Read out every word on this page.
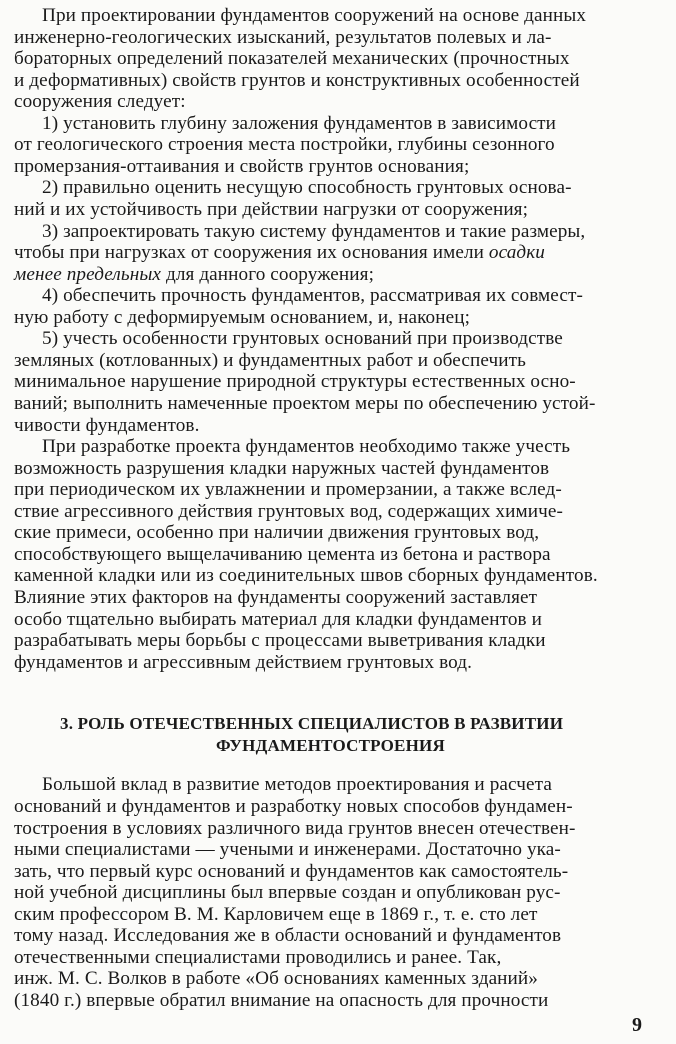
При проектировании фундаментов сооружений на основе данных
инженерно-геологических изысканий, результатов полевых и ла-
бораторных определений показателей механических (прочностных
и деформативных) свойств грунтов и конструктивных особенностей
сооружения следует:
1) установить глубину заложения фундаментов в зависимости
от геологического строения места постройки, глубины сезонного
промерзания-оттаивания и свойств грунтов основания;
2) правильно оценить несущую способность грунтовых основа-
ний и их устойчивость при действии нагрузки от сооружения;
3) запроектировать такую систему фундаментов и такие размеры,
чтобы при нагрузках от сооружения их основания имели осадки
менее предельных для данного сооружения;
4) обеспечить прочность фундаментов, рассматривая их совмест-
ную работу с деформируемым основанием, и, наконец;
5) учесть особенности грунтовых оснований при производстве
земляных (котлованных) и фундаментных работ и обеспечить
минимальное нарушение природной структуры естественных осно-
ваний; выполнить намеченные проектом меры по обеспечению устой-
чивости фундаментов.
При разработке проекта фундаментов необходимо также учесть
возможность разрушения кладки наружных частей фундаментов
при периодическом их увлажнении и промерзании, а также вслед-
ствие агрессивного действия грунтовых вод, содержащих химиче-
ские примеси, особенно при наличии движения грунтовых вод,
способствующего выщелачиванию цемента из бетона и раствора
каменной кладки или из соединительных швов сборных фундаментов.
Влияние этих факторов на фундаменты сооружений заставляет
особо тщательно выбирать материал для кладки фундаментов и
разрабатывать меры борьбы с процессами выветривания кладки
фундаментов и агрессивным действием грунтовых вод.
3. РОЛЬ ОТЕЧЕСТВЕННЫХ СПЕЦИАЛИСТОВ В РАЗВИТИИ
ФУНДАМЕНТОСТРОЕНИЯ
Большой вклад в развитие методов проектирования и расчета
оснований и фундаментов и разработку новых способов фундамен-
тостроения в условиях различного вида грунтов внесен отечествен-
ными специалистами — учеными и инженерами. Достаточно ука-
зать, что первый курс оснований и фундаментов как самостоятель-
ной учебной дисциплины был впервые создан и опубликован рус-
ским профессором В. М. Карловичем еще в 1869 г., т. е. сто лет
тому назад. Исследования же в области оснований и фундаментов
отечественными специалистами проводились и ранее. Так,
инж. М. С. Волков в работе «Об основаниях каменных зданий»
(1840 г.) впервые обратил внимание на опасность для прочности
9
